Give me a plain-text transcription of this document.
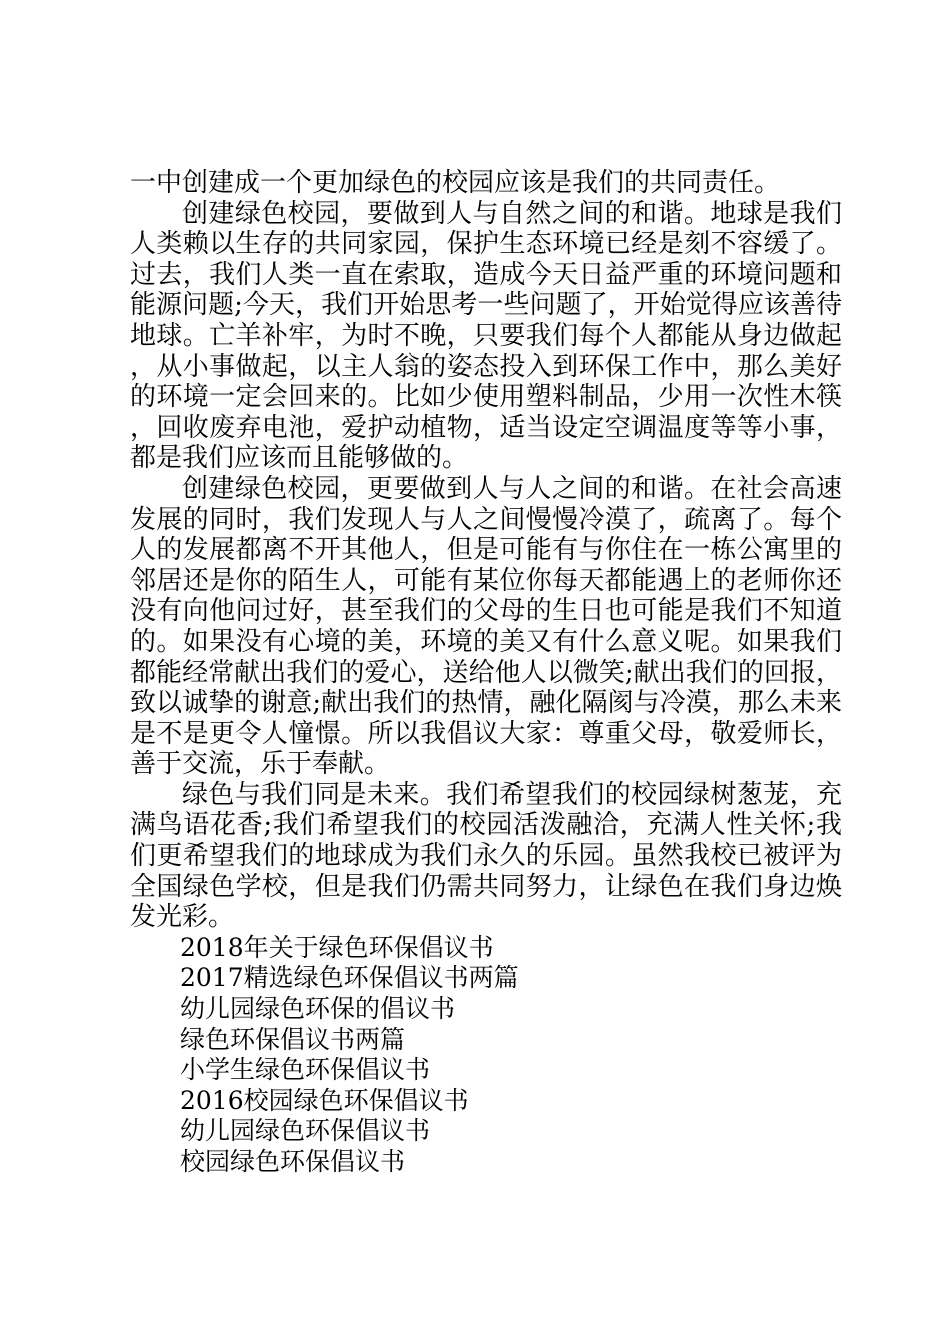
一中创建成一个更加绿色的校园应该是我们的共同责任。

创建绿色校园，要做到人与自然之间的和谐。地球是我们人类赖以生存的共同家园，保护生态环境已经是刻不容缓了。过去，我们人类一直在索取，造成今天日益严重的环境问题和能源问题;今天，我们开始思考一些问题了，开始觉得应该善待地球。亡羊补牢，为时不晚，只要我们每个人都能从身边做起，从小事做起，以主人翁的姿态投入到环保工作中，那么美好的环境一定会回来的。比如少使用塑料制品，少用一次性木筷，回收废弃电池，爱护动植物，适当设定空调温度等等小事，都是我们应该而且能够做的。

创建绿色校园，更要做到人与人之间的和谐。在社会高速发展的同时，我们发现人与人之间慢慢冷漠了，疏离了。每个人的发展都离不开其他人，但是可能有与你住在一栋公寓里的邻居还是你的陌生人，可能有某位你每天都能遇上的老师你还没有向他问过好，甚至我们的父母的生日也可能是我们不知道的。如果没有心境的美，环境的美又有什么意义呢。如果我们都能经常献出我们的爱心，送给他人以微笑;献出我们的回报，致以诚挚的谢意;献出我们的热情，融化隔阂与冷漠，那么未来是不是更令人憧憬。所以我倡议大家：尊重父母，敬爱师长，善于交流，乐于奉献。

绿色与我们同是未来。我们希望我们的校园绿树葱茏，充满鸟语花香;我们希望我们的校园活泼融洽，充满人性关怀;我们更希望我们的地球成为我们永久的乐园。虽然我校已被评为全国绿色学校，但是我们仍需共同努力，让绿色在我们身边焕发光彩。

2018年关于绿色环保倡议书
2017精选绿色环保倡议书两篇
幼儿园绿色环保的倡议书
绿色环保倡议书两篇
小学生绿色环保倡议书
2016校园绿色环保倡议书
幼儿园绿色环保倡议书
校园绿色环保倡议书
